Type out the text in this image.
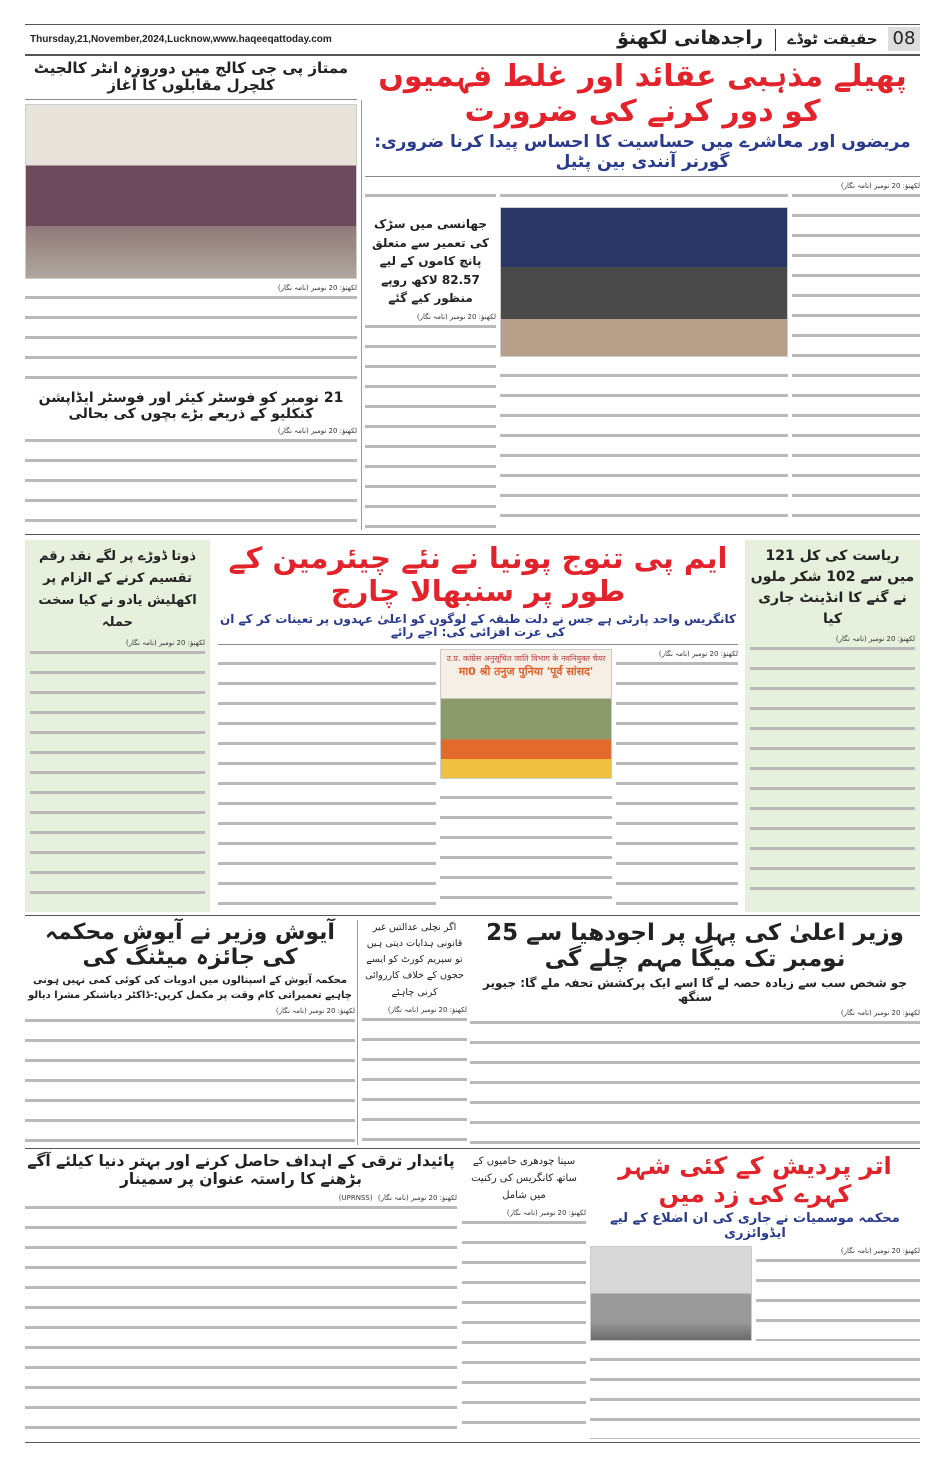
Thursday,21,November,2024,Lucknow,www.haqeeqattoday.com	راجدھانی لکھنؤ	حقیقت ٹوڈے 08
ممتاز پی جی کالج میں دوروزہ انٹر کالجیٹ کلچرل مقابلوں کا آغاز
لکھنؤ: 20 نومبر (نامہ نگار)
21 نومبر کو فوسٹر کیئر اور فوسٹر ایڈاپشن کنکلیو کے ذریعے بڑے بچوں کی بحالی
لکھنؤ: 20 نومبر (نامہ نگار)
پھیلے مذہبی عقائد اور غلط فہمیوں کو دور کرنے کی ضرورت
مریضوں اور معاشرے میں حساسیت کا احساس پیدا کرنا ضروری: گورنر آنندی بین پٹیل
لکھنؤ: 20 نومبر (نامہ نگار)
جھانسی میں سڑک کی تعمیر سے متعلق پانچ کاموں کے لیے 82.57 لاکھ روپے منظور کیے گئے
لکھنؤ: 20 نومبر (نامہ نگار)
ذوتا ڈوڑے پر لگے نقد رقم تقسیم کرنے کے الزام پر اکھلیش یادو نے کیا سخت حملہ
لکھنؤ: 20 نومبر (نامہ نگار)
ایم پی تنوج پونیا نے نئے چیئرمین کے طور پر سنبھالا چارج
کانگریس واحد پارٹی ہے جس نے دلت طبقہ کے لوگوں کو اعلیٰ عہدوں پر تعینات کر کے ان کی عزت افزائی کی: اجے رائے
لکھنؤ: 20 نومبر (نامہ نگار)
उ.प्र. कांग्रेस अनुसूचित जाति विभाग के नवनियुक्त चेयर
मा0 श्री तनुज पुनिया 'पूर्व सांसद'
ریاست کی کل 121 میں سے 102 شکر ملوں نے گنے کا انڈینٹ جاری کیا
لکھنؤ: 20 نومبر (نامہ نگار)
وزیر اعلیٰ کی پہل پر اجودھیا سے 25 نومبر تک میگا مہم چلے گی
جو شخص سب سے زیادہ حصہ لے گا اسے ایک پرکشش تحفہ ملے گا: جیویر سنگھ
لکھنؤ: 20 نومبر (نامہ نگار)
اگر نچلی عدالتیں غیر قانونی ہدایات دیتی ہیں تو سپریم کورٹ کو ایسے ججوں کے خلاف کارروائی کرنی چاہئے
لکھنؤ: 20 نومبر (نامہ نگار)
آیوش وزیر نے آیوش محکمہ کی جائزہ میٹنگ کی
محکمہ آیوش کے اسپتالوں میں ادویات کی کوئی کمی نہیں ہونی
چاہیے تعمیراتی کام وقت پر مکمل کریں:-ڈاکٹر دیاشنکر مشرا دیالو
لکھنؤ: 20 نومبر (نامہ نگار)
اتر پردیش کے کئی شہر کہرے کی زد میں
محکمہ موسمیات نے جاری کی ان اضلاع کے لیے ایڈوائزری
لکھنؤ: 20 نومبر (نامہ نگار)
سینا چودھری حامیوں کے ساتھ کانگریس کی رکنیت میں شامل
لکھنؤ: 20 نومبر (نامہ نگار)
پائیدار ترقی کے اہداف حاصل کرنے اور بہتر دنیا کیلئے آگے بڑھنے کا راستہ عنوان پر سمینار
لکھنؤ: 20 نومبر (نامہ نگار) (UPRNSS)
